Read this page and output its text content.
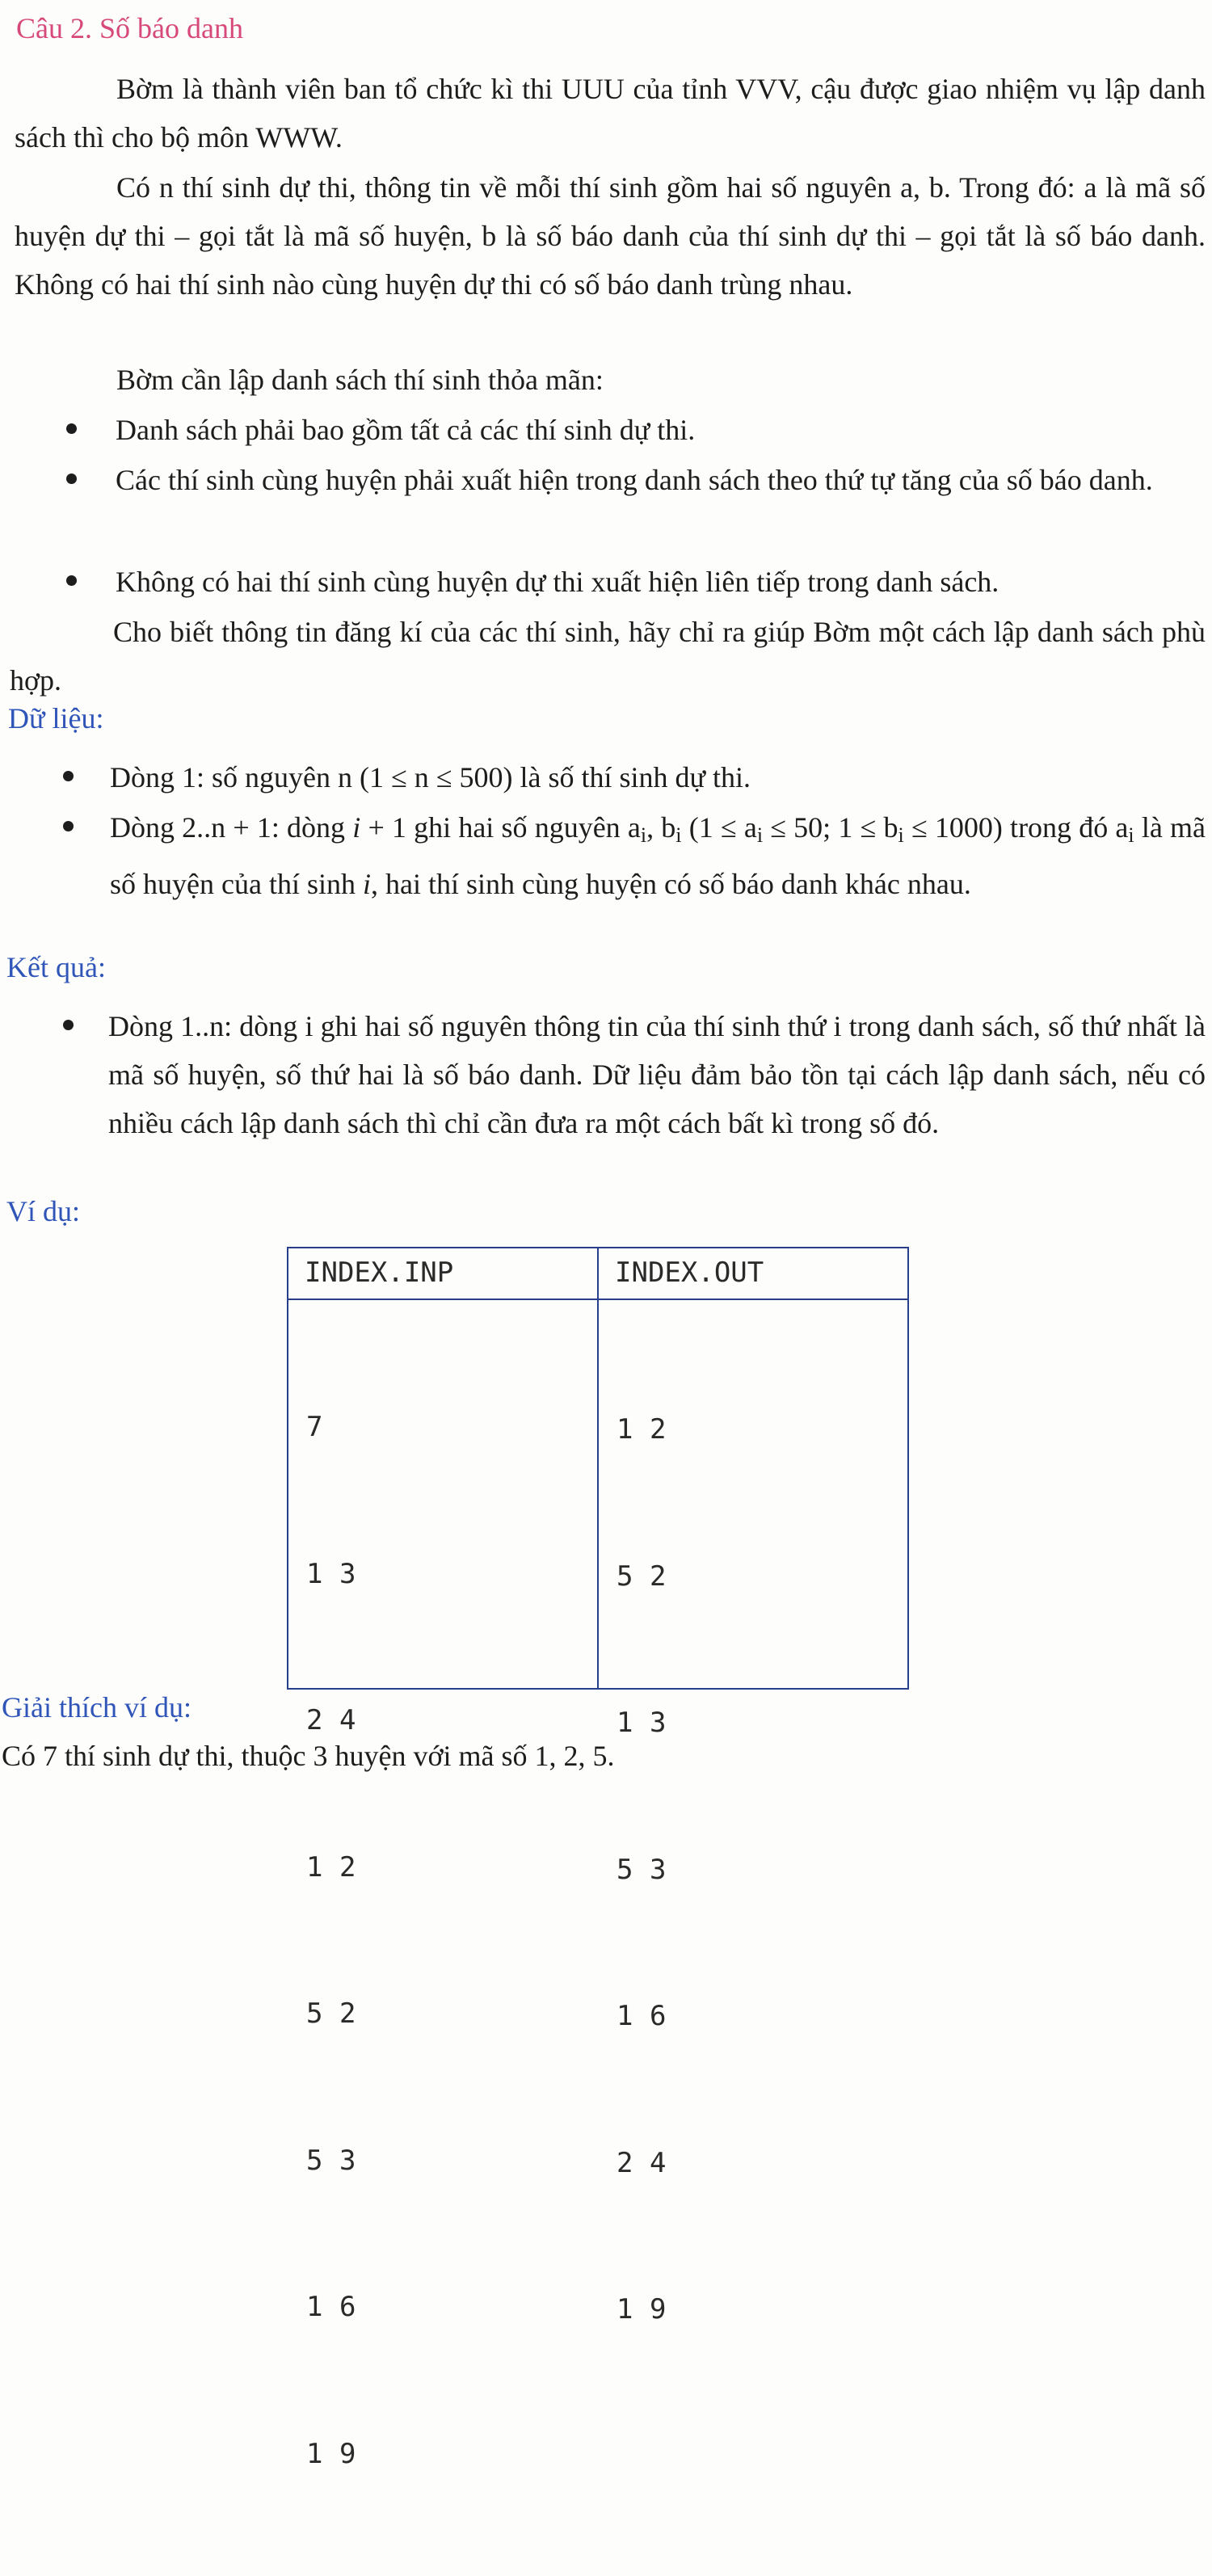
Câu 2. Số báo danh
Bờm là thành viên ban tổ chức kì thi UUU của tỉnh VVV, cậu được giao nhiệm vụ lập danh sách thì cho bộ môn WWW.
Có n thí sinh dự thi, thông tin về mỗi thí sinh gồm hai số nguyên a, b. Trong đó: a là mã số huyện dự thi – gọi tắt là mã số huyện, b là số báo danh của thí sinh dự thi – gọi tắt là số báo danh. Không có hai thí sinh nào cùng huyện dự thi có số báo danh trùng nhau.
Bờm cần lập danh sách thí sinh thỏa mãn:
Danh sách phải bao gồm tất cả các thí sinh dự thi.
Các thí sinh cùng huyện phải xuất hiện trong danh sách theo thứ tự tăng của số báo danh.
Không có hai thí sinh cùng huyện dự thi xuất hiện liên tiếp trong danh sách.
Cho biết thông tin đăng kí của các thí sinh, hãy chỉ ra giúp Bờm một cách lập danh sách phù hợp.
Dữ liệu:
Dòng 1: số nguyên n (1 ≤ n ≤ 500) là số thí sinh dự thi.
Dòng 2..n + 1: dòng i + 1 ghi hai số nguyên $a_i$, $b_i$ ($1 \le a_i \le 50$; $1 \le b_i \le 1000$) trong đó $a_i$ là mã số huyện của thí sinh i, hai thí sinh cùng huyện có số báo danh khác nhau.
Kết quả:
Dòng 1..n: dòng i ghi hai số nguyên thông tin của thí sinh thứ i trong danh sách, số thứ nhất là mã số huyện, số thứ hai là số báo danh. Dữ liệu đảm bảo tồn tại cách lập danh sách, nếu có nhiều cách lập danh sách thì chỉ cần đưa ra một cách bất kì trong số đó.
Ví dụ:
INDEX.INP	INDEX.OUT

7

1 3

2 4

1 2

5 2

5 3

1 6

1 9

1 2

5 2

1 3

5 3

1 6

2 4

1 9

Giải thích ví dụ:
Có 7 thí sinh dự thi, thuộc 3 huyện với mã số 1, 2, 5.
